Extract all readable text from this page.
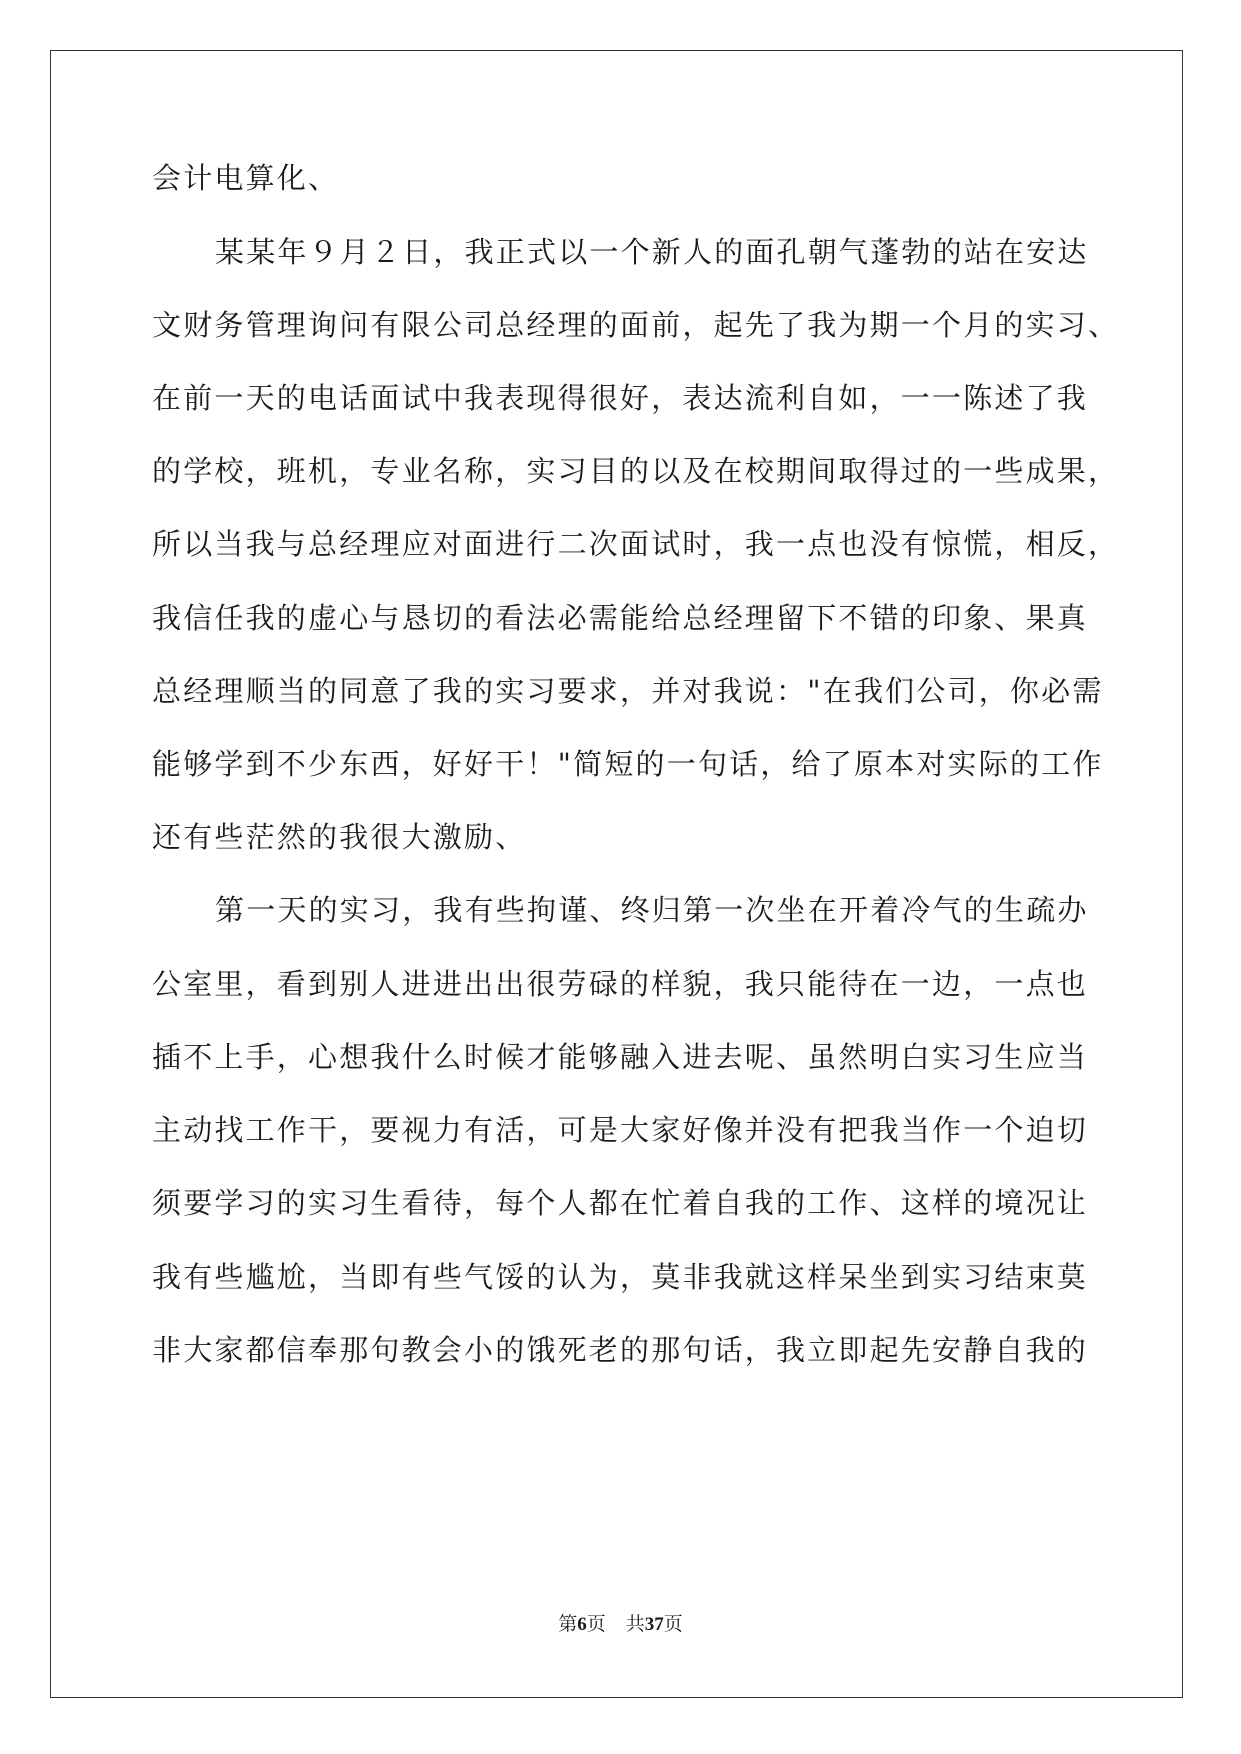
会计电算化、
某某年９月２日，我正式以一个新人的面孔朝气蓬勃的站在安达
文财务管理询问有限公司总经理的面前，起先了我为期一个月的实习、
在前一天的电话面试中我表现得很好，表达流利自如，一一陈述了我
的学校，班机，专业名称，实习目的以及在校期间取得过的一些成果，
所以当我与总经理应对面进行二次面试时，我一点也没有惊慌，相反，
我信任我的虚心与恳切的看法必需能给总经理留下不错的印象、果真
总经理顺当的同意了我的实习要求，并对我说："在我们公司，你必需
能够学到不少东西，好好干！"简短的一句话，给了原本对实际的工作
还有些茫然的我很大激励、
第一天的实习，我有些拘谨、终归第一次坐在开着冷气的生疏办
公室里，看到别人进进出出很劳碌的样貌，我只能待在一边，一点也
插不上手，心想我什么时候才能够融入进去呢、虽然明白实习生应当
主动找工作干，要视力有活，可是大家好像并没有把我当作一个迫切
须要学习的实习生看待，每个人都在忙着自我的工作、这样的境况让
我有些尴尬，当即有些气馁的认为，莫非我就这样呆坐到实习结束莫
非大家都信奉那句教会小的饿死老的那句话，我立即起先安静自我的
第6页 共37页
